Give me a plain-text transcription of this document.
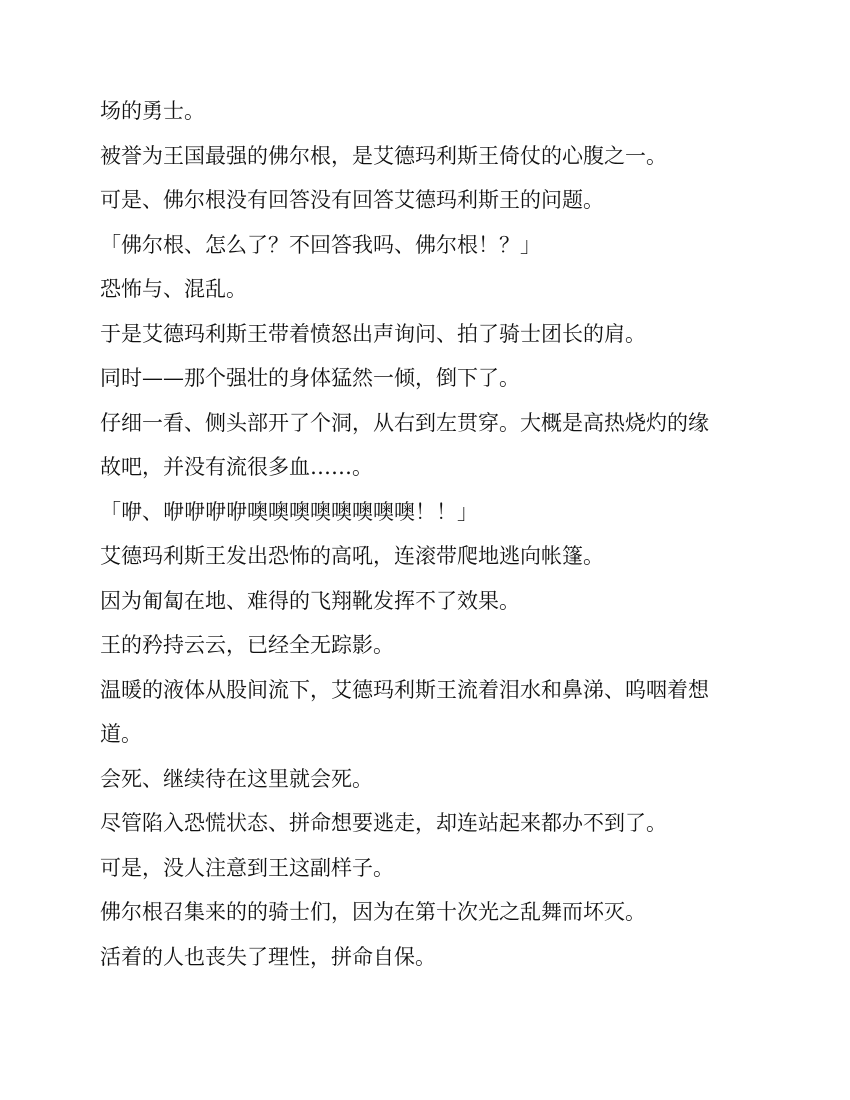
场的勇士。
被誉为王国最强的佛尔根，是艾德玛利斯王倚仗的心腹之一。
可是、佛尔根没有回答没有回答艾德玛利斯王的问题。
「佛尔根、怎么了？不回答我吗、佛尔根！？」
恐怖与、混乱。
于是艾德玛利斯王带着愤怒出声询问、拍了骑士团长的肩。
同时——那个强壮的身体猛然一倾，倒下了。
仔细一看、侧头部开了个洞，从右到左贯穿。大概是高热烧灼的缘
故吧，并没有流很多血……。
「咿、咿咿咿咿噢噢噢噢噢噢噢噢！！」
艾德玛利斯王发出恐怖的高吼，连滚带爬地逃向帐篷。
因为匍匐在地、难得的飞翔靴发挥不了效果。
王的矜持云云，已经全无踪影。
温暖的液体从股间流下，艾德玛利斯王流着泪水和鼻涕、呜咽着想
道。
会死、继续待在这里就会死。
尽管陷入恐慌状态、拼命想要逃走，却连站起来都办不到了。
可是，没人注意到王这副样子。
佛尔根召集来的的骑士们，因为在第十次光之乱舞而坏灭。
活着的人也丧失了理性，拼命自保。
